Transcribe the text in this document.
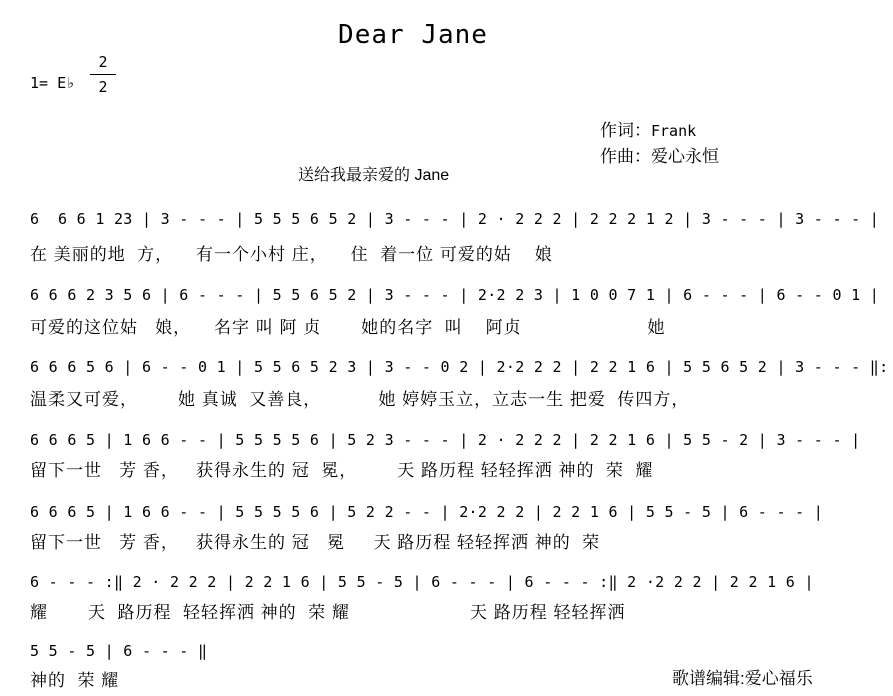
Dear Jane
1= E♭
2
2
作词：Frank
作曲：爱心永恒
送给我最亲爱的 Jane
6  6 6 1 23 | 3 - - - | 5 5 5 6 5 2 | 3 - - - | 2 · 2 2 2 | 2 2 2 1 2 | 3 - - - | 3 - - - |
在 美丽的地  方，    有一个小村 庄，    住  着一位 可爱的姑    娘
6 6 6 2 3 5 6 | 6 - - - | 5 5 6 5 2 | 3 - - - | 2·2 2 3 | 1 0 0 7 1 | 6 - - - | 6 - - 0 1 |
可爱的这位姑   娘，    名字 叫 阿 贞       她的名字  叫    阿贞                      她
6 6 6 5 6 | 6 - - 0 1 | 5 5 6 5 2 3 | 3 - - 0 2 | 2·2 2 2 | 2 2 1 6 | 5 5 6 5 2 | 3 - - - ‖:
温柔又可爱，       她 真诚  又善良，          她 婷婷玉立，立志一生 把爱  传四方，
6 6 6 5 | 1 6 6 - - | 5 5 5 5 6 | 5 2 3 - - - | 2 · 2 2 2 | 2 2 1 6 | 5 5 - 2 | 3 - - - |
留下一世   芳 香，   获得永生的 冠  冕，       天 路历程 轻轻挥洒 神的  荣  耀
6 6 6 5 | 1 6 6 - - | 5 5 5 5 6 | 5 2 2 - - | 2·2 2 2 | 2 2 1 6 | 5 5 - 5 | 6 - - - |
留下一世   芳 香，   获得永生的 冠   冕     天 路历程 轻轻挥洒 神的  荣
6 - - - :‖ 2 · 2 2 2 | 2 2 1 6 | 5 5 - 5 | 6 - - - | 6 - - - :‖ 2 ·2 2 2 | 2 2 1 6 |
耀       天  路历程  轻轻挥洒 神的  荣 耀                     天 路历程 轻轻挥洒
5 5 - 5 | 6 - - - ‖
神的  荣 耀	歌谱编辑:爱心福乐
